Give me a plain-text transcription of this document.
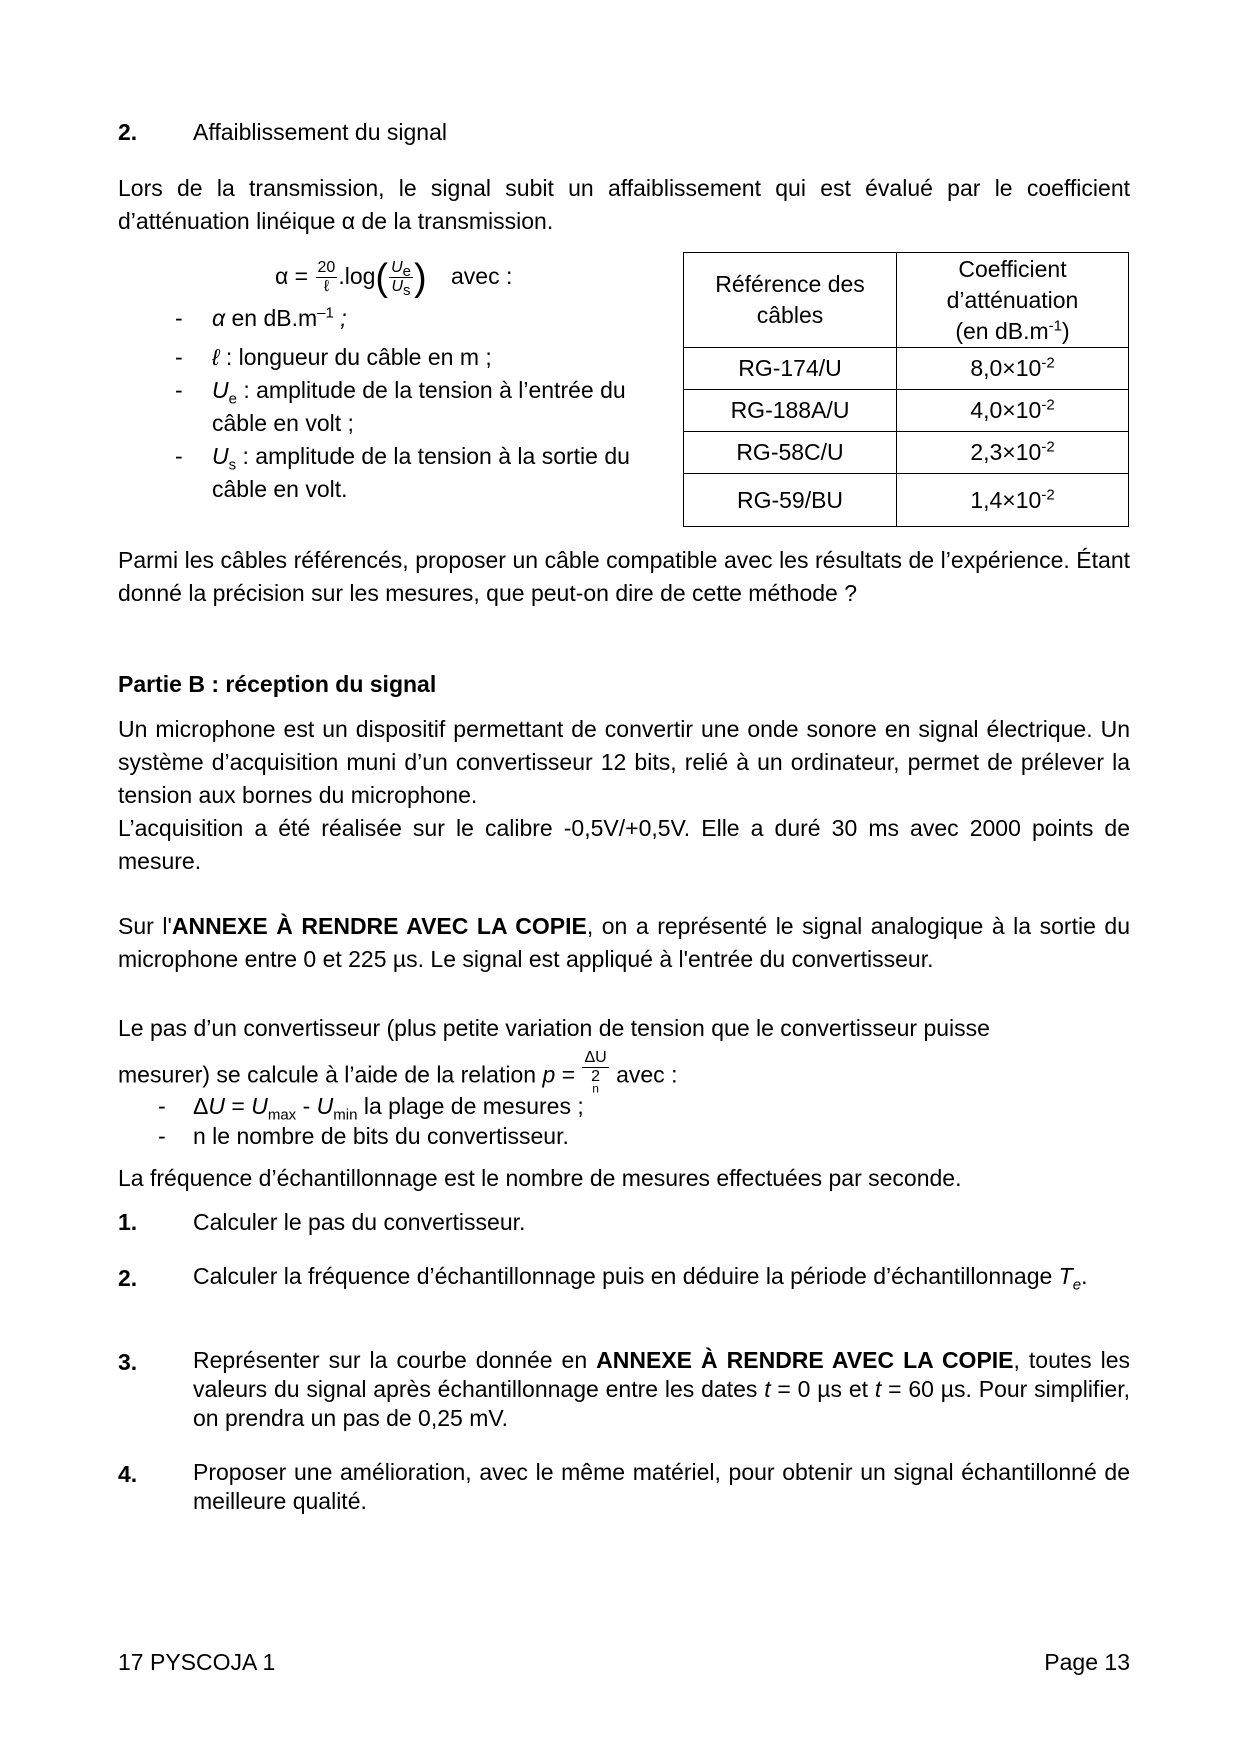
2. Affaiblissement du signal
Lors de la transmission, le signal subit un affaiblissement qui est évalué par le coefficient d’atténuation linéique α de la transmission.
$\alpha = \frac{20}{\text{ℓ}} .\log( \frac{U_e}{U_s}$ ) avec :
- α en $dB.m^{-1}$ ;
- ℓ : longueur du câble en m ;
- $U_e$ : amplitude de la tension à l’entrée du
câble en volt ;
- $U_s$ : amplitude de la tension à la sortie du
câble en volt.
Référence des câbles	Coefficient
d’atténuation
(en $dB.m^{-1}$)
RG-174/U	$8,0\times 10^{-2}$
RG-188A/U	$4,0\times 10^{-2}$
RG-58C/U	$2,3\times 10^{-2}$
RG-59/BU	$1,4\times 10^{-2}$
Parmi les câbles référencés, proposer un câble compatible avec les résultats de l’expérience. Étant donné la précision sur les mesures, que peut-on dire de cette méthode ?
Partie B : réception du signal
Un microphone est un dispositif permettant de convertir une onde sonore en signal électrique. Un système d’acquisition muni d’un convertisseur 12 bits, relié à un ordinateur, permet de prélever la tension aux bornes du microphone.
L’acquisition a été réalisée sur le calibre -0,5V/+0,5V. Elle a duré 30 ms avec 2000 points de mesure.
Sur l'ANNEXE À RENDRE AVEC LA COPIE, on a représenté le signal analogique à la sortie du microphone entre 0 et 225 µs. Le signal est appliqué à l'entrée du convertisseur.
Le pas d’un convertisseur (plus petite variation de tension que le convertisseur puisse
mesurer) se calcule à l’aide de la relation p = ΔU
2
$^n$ avec :
- $\Delta U = U_{max} - U_{min}$ la plage de mesures ;
- n le nombre de bits du convertisseur.
La fréquence d’échantillonnage est le nombre de mesures effectuées par seconde.
1. Calculer le pas du convertisseur.
2. Calculer la fréquence d’échantillonnage puis en déduire la période d’échantillonnage $T_e$.
3. Représenter sur la courbe donnée en ANNEXE À RENDRE AVEC LA COPIE, toutes les valeurs du signal après échantillonnage entre les dates t = 0 µs et t = 60 µs. Pour simplifier, on prendra un pas de 0,25 mV.
4. Proposer une amélioration, avec le même matériel, pour obtenir un signal échantillonné de meilleure qualité.
17 PYSCOJA 1	Page 13
